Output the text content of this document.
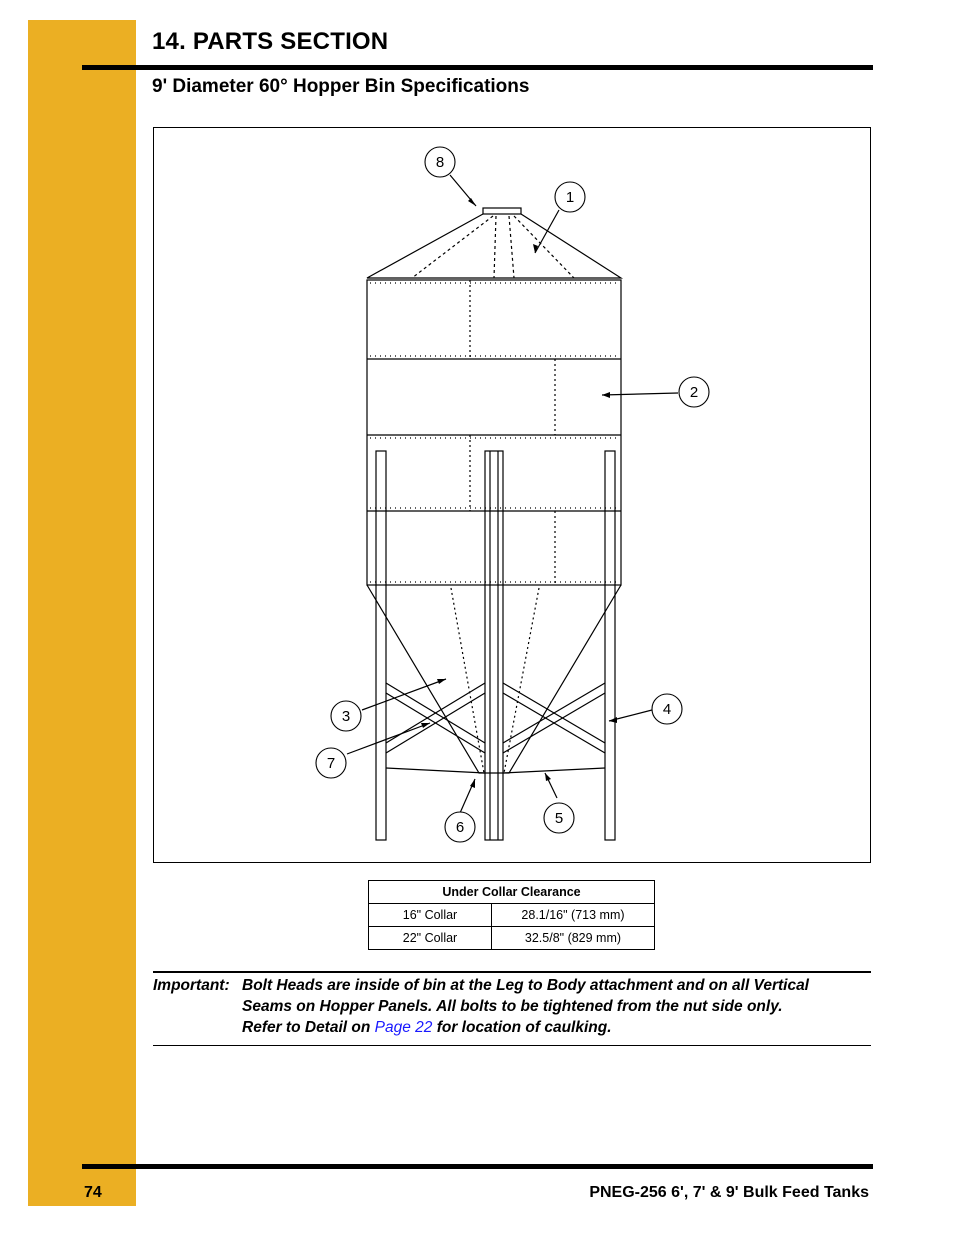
14. PARTS SECTION
9' Diameter 60° Hopper Bin Specifications
8
1
2
3	4
7
6
5
Under Collar Clearance	
16" Collar	28.1/16" (713 mm)
22" Collar	32.5/8" (829 mm)
Important: Bolt Heads are inside of bin at the Leg to Body attachment and on all Vertical
Seams on Hopper Panels. All bolts to be tightened from the nut side only.
Refer to Detail on Page 22 for location of caulking.
74	PNEG-256 6', 7' & 9' Bulk Feed Tanks
